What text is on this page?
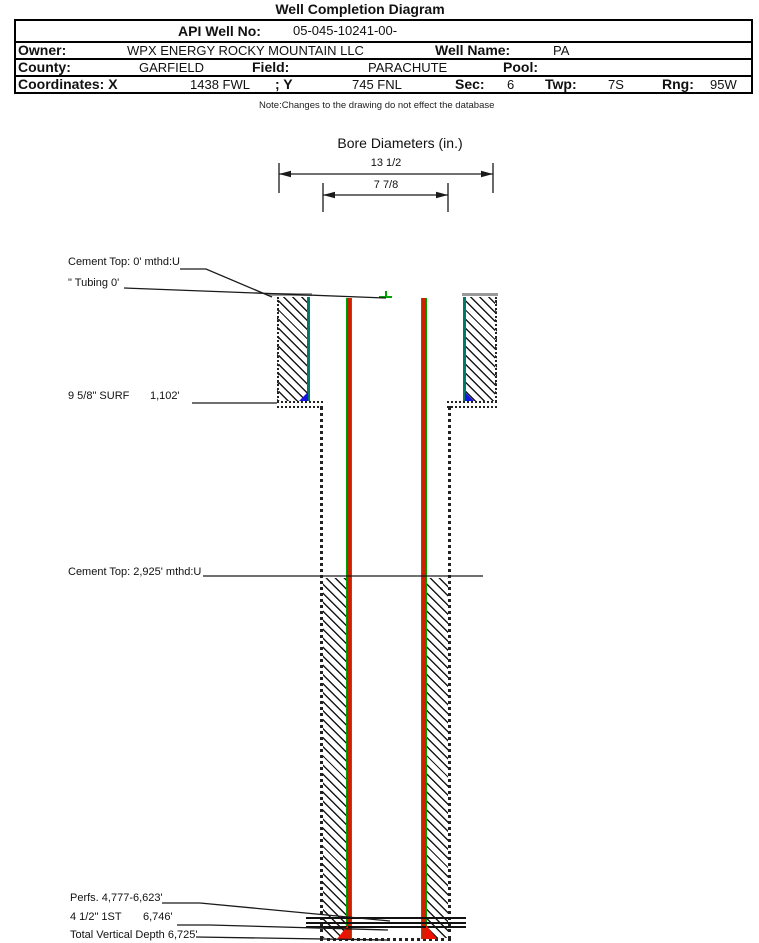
Well Completion Diagram
API Well No: 05-045-10241-00-
Owner:	WPX ENERGY ROCKY MOUNTAIN LLC	Well Name:	PA
County:	GARFIELD	Field:	PARACHUTE	Pool:
Coordinates: X	1438 FWL ; Y	745 FNL	Sec: 6 Twp: 7S	Rng: 95W
Note:Changes to the drawing do not effect the database
Bore Diameters (in.)
13 1/2
7 7/8
Cement Top: 0' mthd:U
" Tubing 0'
9 5/8" SURF 1,102'
Cement Top: 2,925' mthd:U
Perfs. 4,777-6,623'
4 1/2" 1ST 6,746'
Total Vertical Depth 6,725'
